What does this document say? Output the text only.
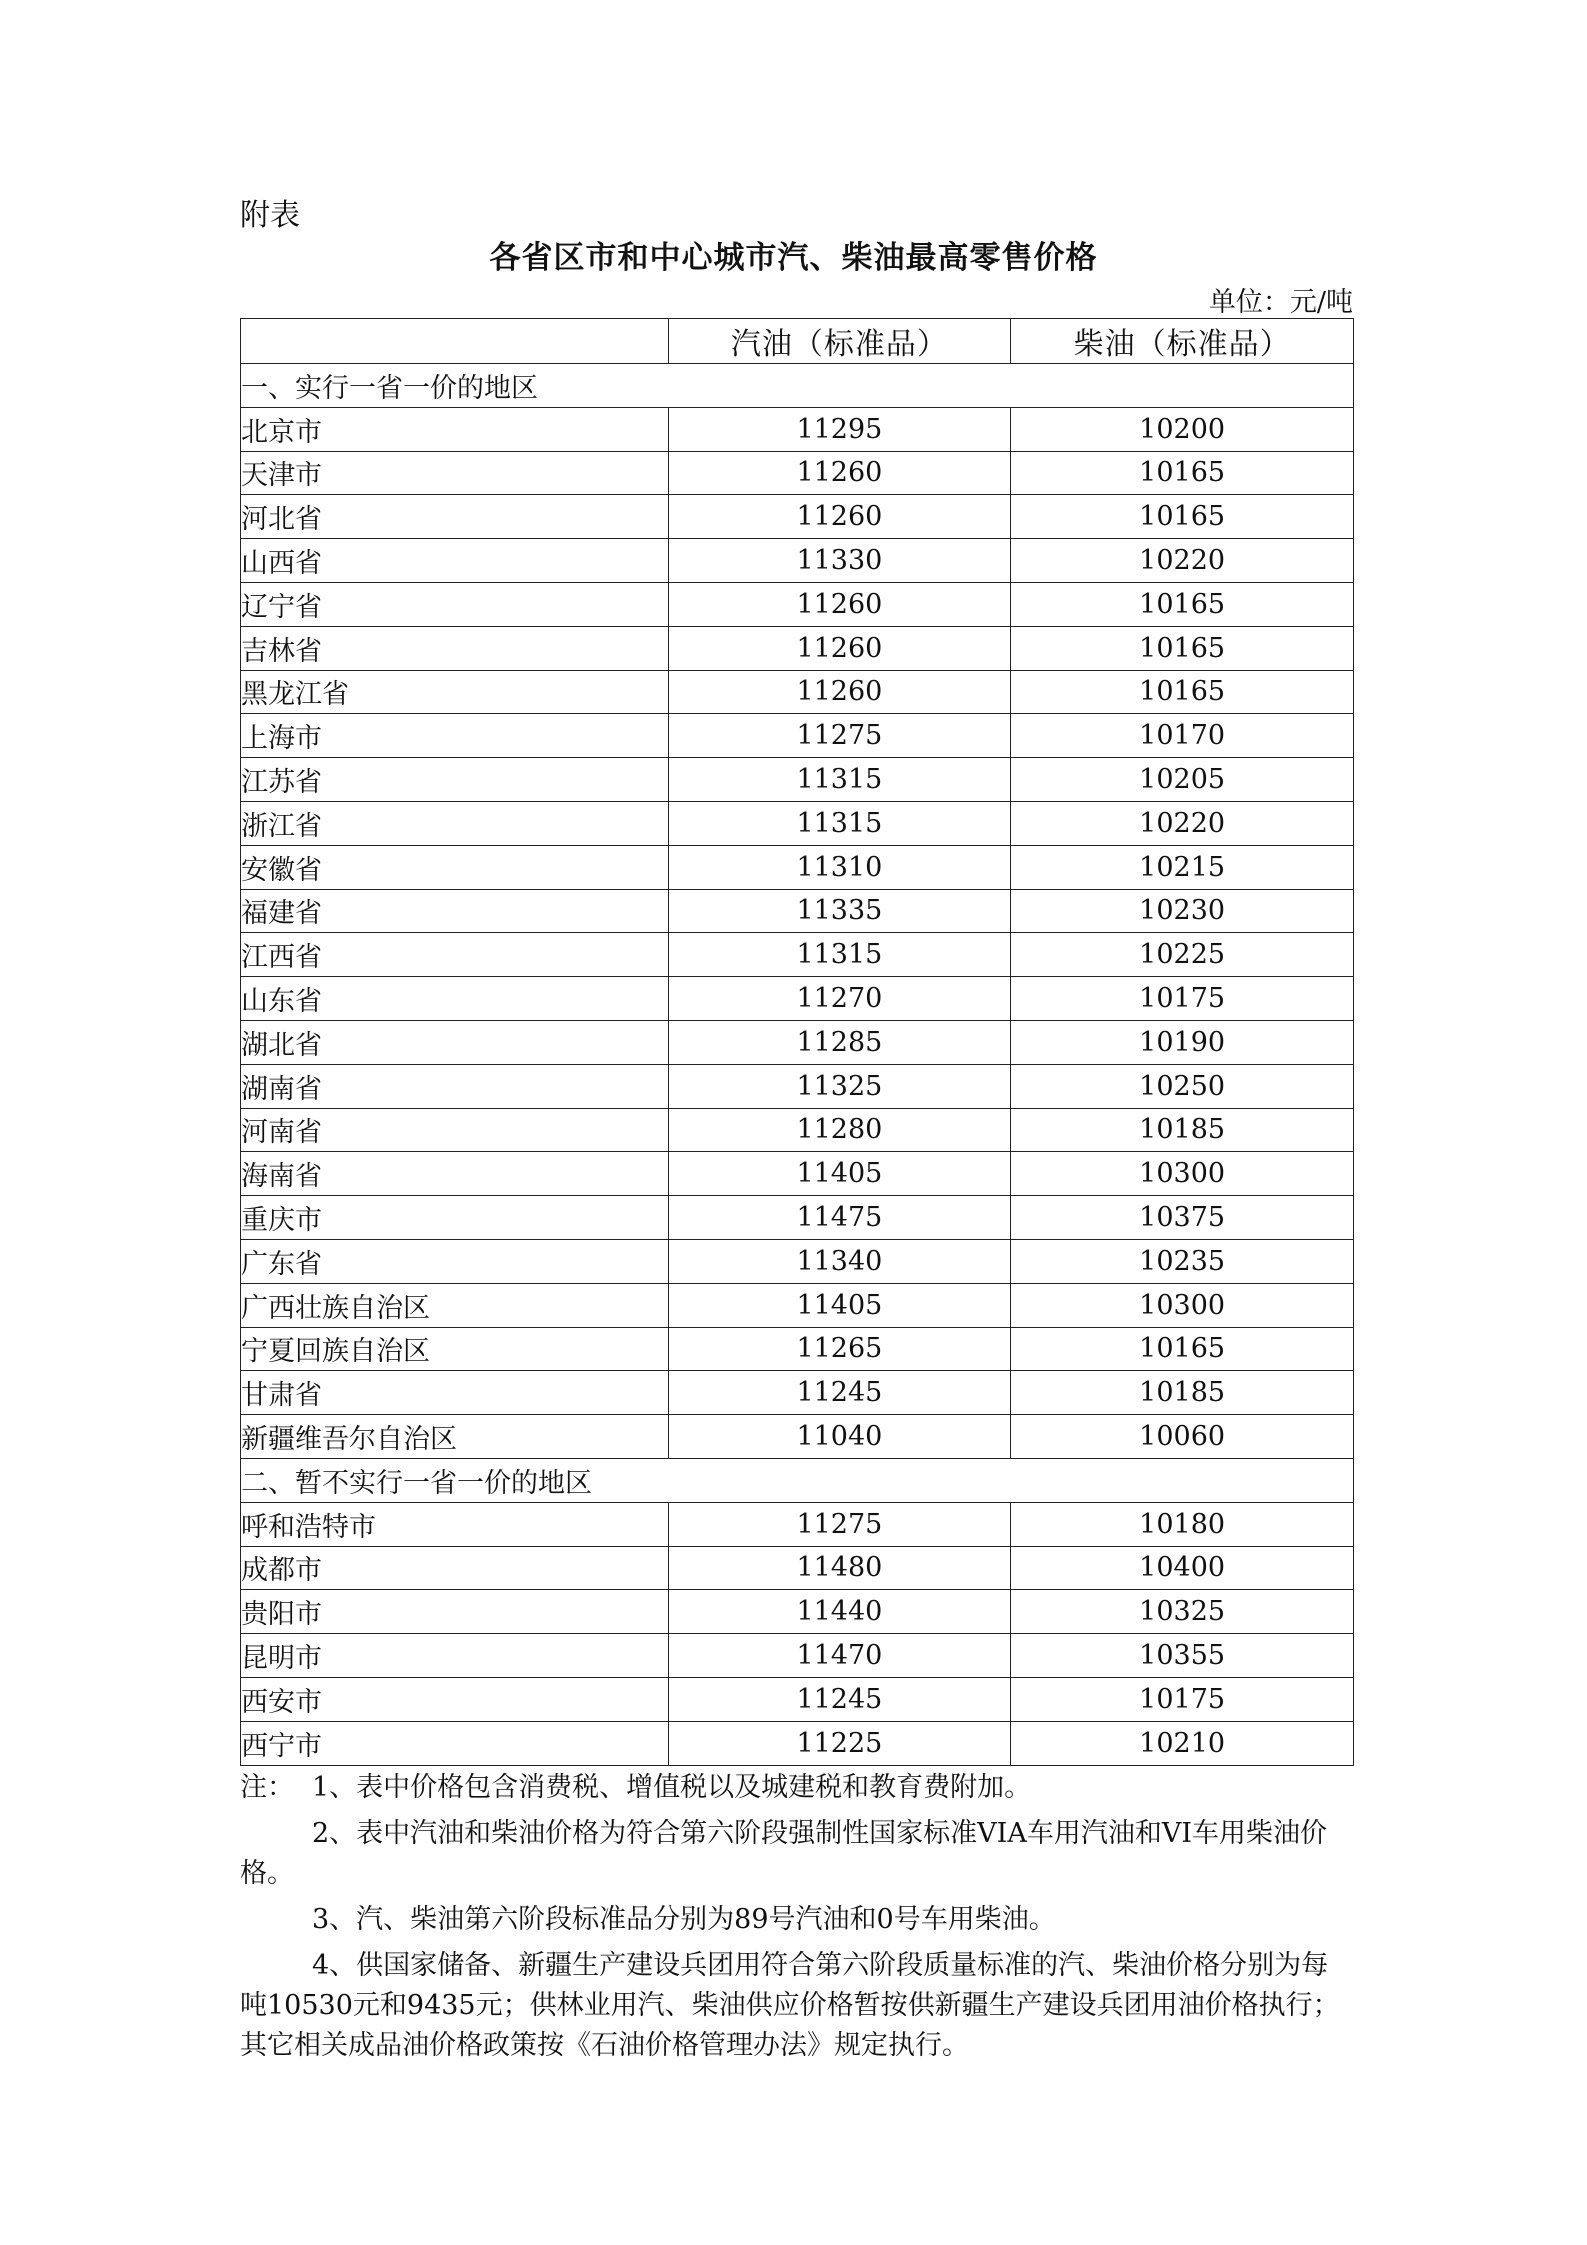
附表
各省区市和中心城市汽、柴油最高零售价格
单位：元/吨
	汽油（标准品）	柴油（标准品）
一、实行一省一价的地区		
北京市	11295	10200
天津市	11260	10165
河北省	11260	10165
山西省	11330	10220
辽宁省	11260	10165
吉林省	11260	10165
黑龙江省	11260	10165
上海市	11275	10170
江苏省	11315	10205
浙江省	11315	10220
安徽省	11310	10215
福建省	11335	10230
江西省	11315	10225
山东省	11270	10175
湖北省	11285	10190
湖南省	11325	10250
河南省	11280	10185
海南省	11405	10300
重庆市	11475	10375
广东省	11340	10235
广西壮族自治区	11405	10300
宁夏回族自治区	11265	10165
甘肃省	11245	10185
新疆维吾尔自治区	11040	10060
二、暂不实行一省一价的地区		
呼和浩特市	11275	10180
成都市	11480	10400
贵阳市	11440	10325
昆明市	11470	10355
西安市	11245	10175
西宁市	11225	10210
注： 1、表中价格包含消费税、增值税以及城建税和教育费附加。
2、表中汽油和柴油价格为符合第六阶段强制性国家标准VIA车用汽油和VI车用柴油价格。
3、汽、柴油第六阶段标准品分别为89号汽油和0号车用柴油。
4、供国家储备、新疆生产建设兵团用符合第六阶段质量标准的汽、柴油价格分别为每吨10530元和9435元；供林业用汽、柴油供应价格暂按供新疆生产建设兵团用油价格执行；其它相关成品油价格政策按《石油价格管理办法》规定执行。
